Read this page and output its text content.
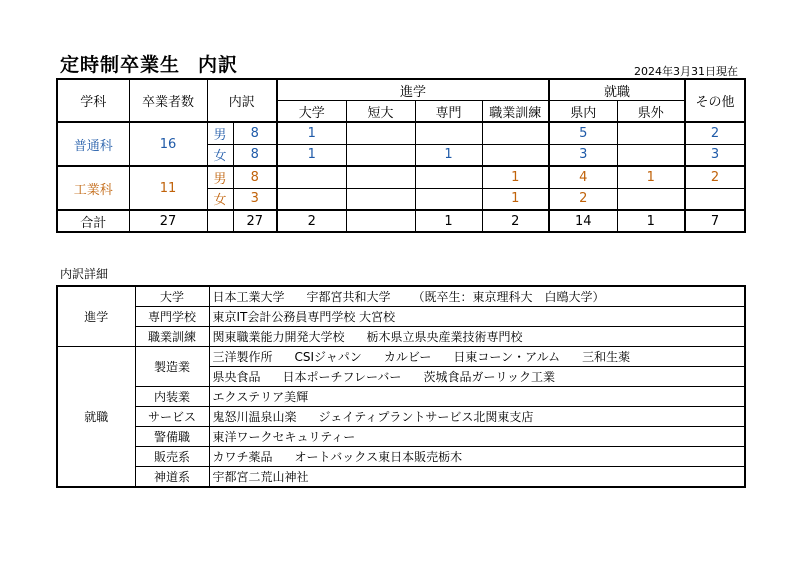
定時制卒業生 内訳	2024年3月31日現在
学科	卒業者数	内訳		進学				就職		その他
				大学	短大	専門	職業訓練	県内	県外	
普通科	16	男	8	1				5		2
		女	8	1		1		3		3
工業科	11	男	8				1	4	1	2
		女	3				1	2		
合計	27		27	2		1	2	14	1	7
内訳詳細
進学	大学	日本工業大学 宇都宮共和大学 （既卒生：東京理科大　白鴎大学）
	専門学校	東京IT会計公務員専門学校 大宮校
	職業訓練	関東職業能力開発大学校 栃木県立県央産業技術専門校
就職	製造業	三洋製作所 CSIジャパン カルビー 日東コーン・アルム 三和生薬
		県央食品 日本ポーチフレーバー 茨城食品ガーリック工業
	内装業	エクステリア美輝
	サービス	鬼怒川温泉山楽 ジェイティプラントサービス北関東支店
	警備職	東洋ワークセキュリティー
	販売系	カワチ薬品 オートバックス東日本販売栃木
	神道系	宇都宮二荒山神社
